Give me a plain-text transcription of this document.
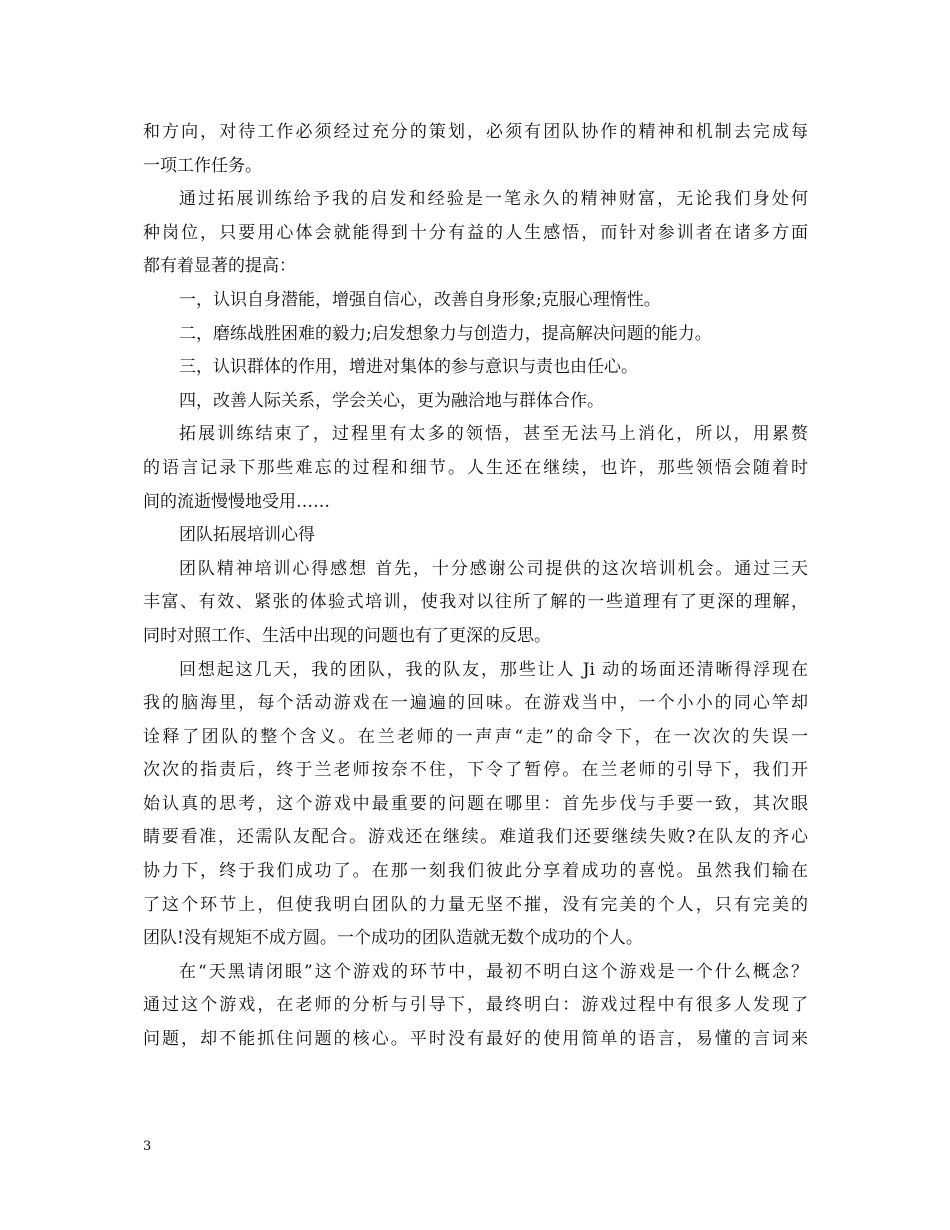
和方向，对待工作必须经过充分的策划，必须有团队协作的精神和机制去完成每
一项工作任务。
通过拓展训练给予我的启发和经验是一笔永久的精神财富，无论我们身处何
种岗位，只要用心体会就能得到十分有益的人生感悟，而针对参训者在诸多方面
都有着显著的提高：
一，认识自身潜能，增强自信心，改善自身形象;克服心理惰性。
二，磨练战胜困难的毅力;启发想象力与创造力，提高解决问题的能力。
三，认识群体的作用，增进对集体的参与意识与责也由任心。
四，改善人际关系，学会关心，更为融洽地与群体合作。
拓展训练结束了，过程里有太多的领悟，甚至无法马上消化，所以，用累赘
的语言记录下那些难忘的过程和细节。人生还在继续，也许，那些领悟会随着时
间的流逝慢慢地受用……
团队拓展培训心得
团队精神培训心得感想 首先，十分感谢公司提供的这次培训机会。通过三天
丰富、有效、紧张的体验式培训，使我对以往所了解的一些道理有了更深的理解，
同时对照工作、生活中出现的问题也有了更深的反思。
回想起这几天，我的团队，我的队友，那些让人 Ji 动的场面还清晰得浮现在
我的脑海里，每个活动游戏在一遍遍的回味。在游戏当中，一个小小的同心竿却
诠释了团队的整个含义。在兰老师的一声声“走”的命令下，在一次次的失误一
次次的指责后，终于兰老师按奈不住，下令了暂停。在兰老师的引导下，我们开
始认真的思考，这个游戏中最重要的问题在哪里：首先步伐与手要一致，其次眼
睛要看准，还需队友配合。游戏还在继续。难道我们还要继续失败?在队友的齐心
协力下，终于我们成功了。在那一刻我们彼此分享着成功的喜悦。虽然我们输在
了这个环节上，但使我明白团队的力量无坚不摧，没有完美的个人，只有完美的
团队!没有规矩不成方圆。一个成功的团队造就无数个成功的个人。
在“天黑请闭眼”这个游戏的环节中，最初不明白这个游戏是一个什么概念？
通过这个游戏，在老师的分析与引导下，最终明白：游戏过程中有很多人发现了
问题，却不能抓住问题的核心。平时没有最好的使用简单的语言，易懂的言词来
3
